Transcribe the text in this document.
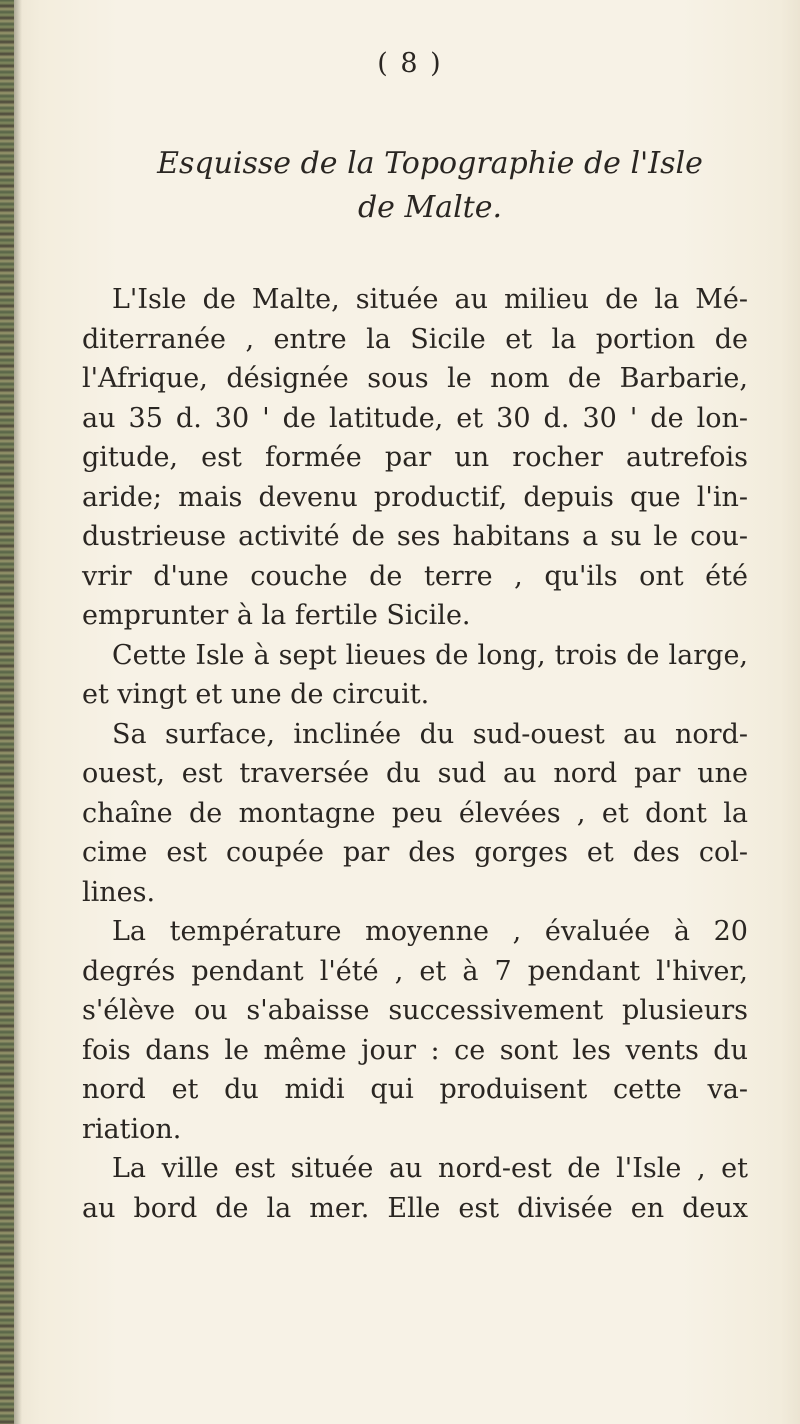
( 8 )
Esquisse de la Topographie de l'Isle
de Malte.

L'Isle de Malte, située au milieu de la Mé-
diterranée , entre la Sicile et la portion de
l'Afrique, désignée sous le nom de Barbarie,
au 35 d. 30 ' de latitude, et 30 d. 30 ' de lon-
gitude, est formée par un rocher autrefois
aride; mais devenu productif, depuis que l'in-
dustrieuse activité de ses habitans a su le cou-
vrir d'une couche de terre , qu'ils ont été
emprunter à la fertile Sicile.

Cette Isle à sept lieues de long, trois de large,
et vingt et une de circuit.

Sa surface, inclinée du sud-ouest au nord-
ouest, est traversée du sud au nord par une
chaîne de montagne peu élevées , et dont la
cime est coupée par des gorges et des col-
lines.

La température moyenne , évaluée à 20
degrés pendant l'été , et à 7 pendant l'hiver,
s'élève ou s'abaisse successivement plusieurs
fois dans le même jour : ce sont les vents du
nord et du midi qui produisent cette va-
riation.

La ville est située au nord-est de l'Isle , et
au bord de la mer. Elle est divisée en deux
